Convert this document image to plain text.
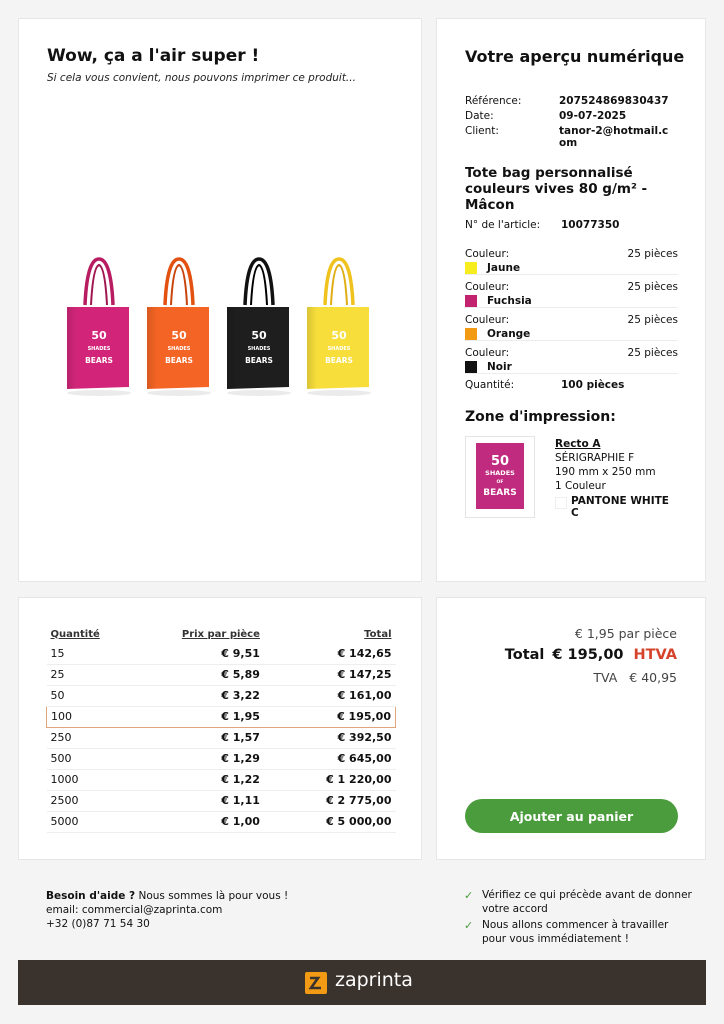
Wow, ça a l'air super !
Si cela vous convient, nous pouvons imprimer ce produit...
50
SHADES
BEARS
50
SHADES
BEARS
50
SHADES
BEARS
50
SHADES
BEARS
Votre aperçu numérique
Référence:	207524869830437
Date:	09-07-2025
Client:	tanor-2@hotmail.c
om
Tote bag personnalisé couleurs vives 80 g/m² - Mâcon
N° de l'article: 10077350
Couleur:	25 pièces
Jaune
Couleur:	25 pièces
Fuchsia
Couleur:	25 pièces
Orange
Couleur:	25 pièces
Noir
Quantité:	100 pièces
Zone d'impression:
50
SHADES
OF
BEARS
Recto A
SÉRIGRAPHIE F
190 mm x 250 mm
1 Couleur
PANTONE WHITE
C
Quantité	Prix par pièce	Total
15	€ 9,51	€ 142,65
25	€ 5,89	€ 147,25
50	€ 3,22	€ 161,00
100	€ 1,95	€ 195,00
250	€ 1,57	€ 392,50
500	€ 1,29	€ 645,00
1000	€ 1,22	€ 1 220,00
2500	€ 1,11	€ 2 775,00
5000	€ 1,00	€ 5 000,00
€ 1,95 par pièce
Total € 195,00 HTVA
TVA € 40,95
Ajouter au panier
Besoin d'aide ? Nous sommes là pour vous !
email: commercial@zaprinta.com
+32 (0)87 71 54 30
✓ Vérifiez ce qui précède avant de donner votre accord
✓ Nous allons commencer à travailler pour vous immédiatement !
zaprinta
